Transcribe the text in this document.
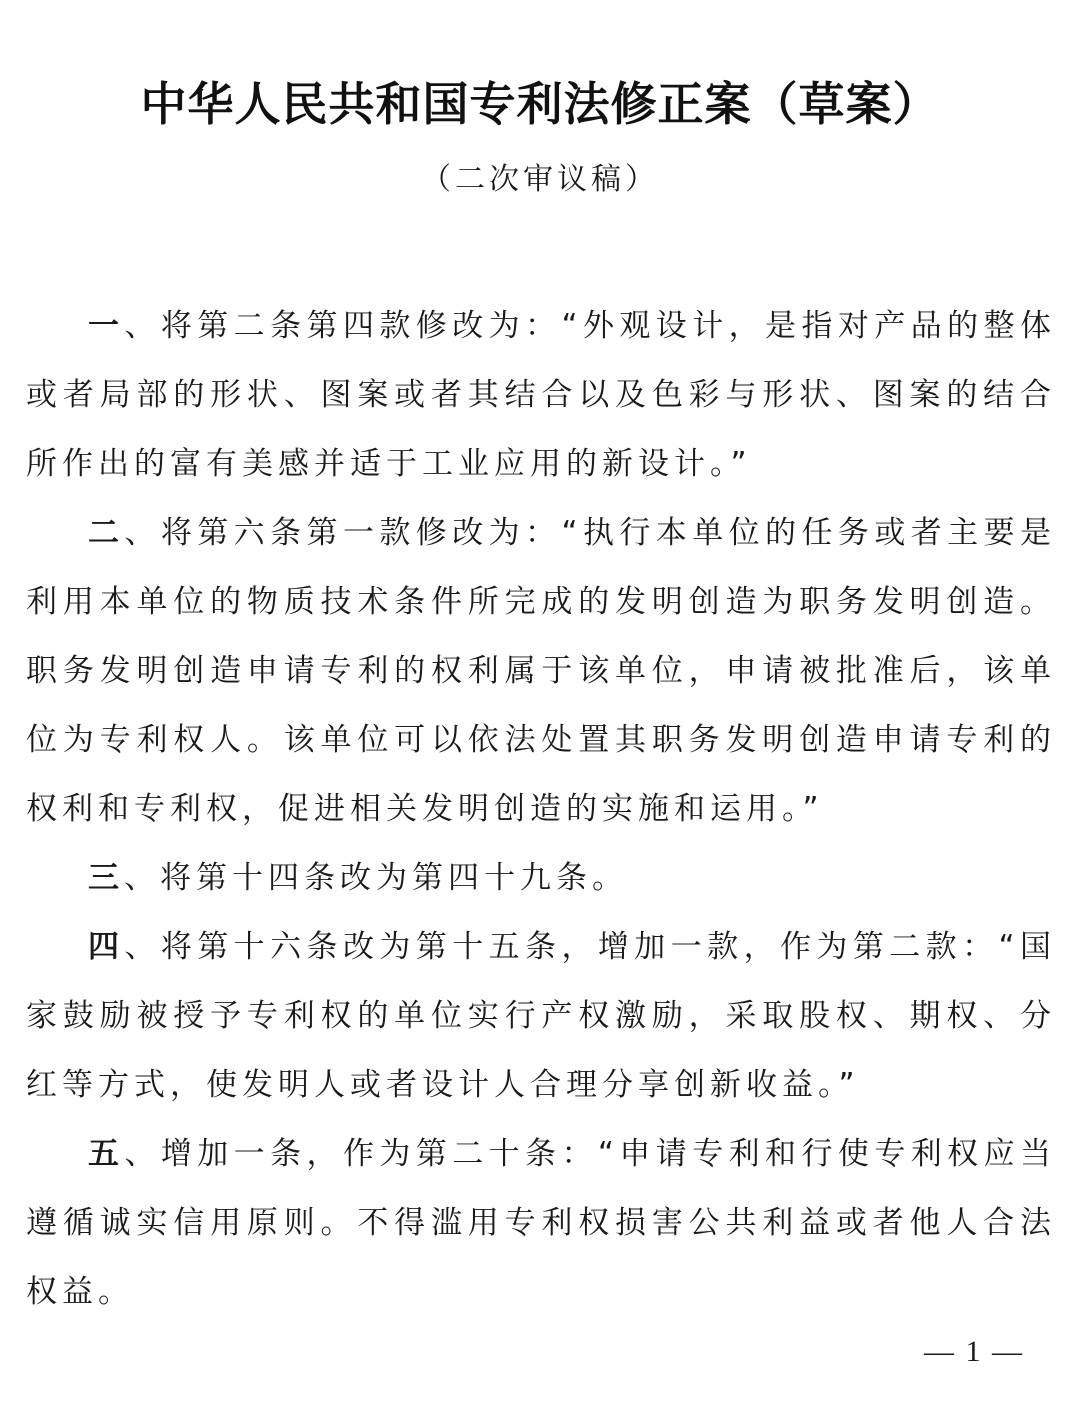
中华人民共和国专利法修正案（草案）
（二次审议稿）

一、将第二条第四款修改为：“外观设计，是指对产品的整体或者局部的形状、图案或者其结合以及色彩与形状、图案的结合所作出的富有美感并适于工业应用的新设计。”

二、将第六条第一款修改为：“执行本单位的任务或者主要是利用本单位的物质技术条件所完成的发明创造为职务发明创造。职务发明创造申请专利的权利属于该单位，申请被批准后，该单位为专利权人。该单位可以依法处置其职务发明创造申请专利的权利和专利权，促进相关发明创造的实施和运用。”

三、将第十四条改为第四十九条。

四、将第十六条改为第十五条，增加一款，作为第二款：“国家鼓励被授予专利权的单位实行产权激励，采取股权、期权、分红等方式，使发明人或者设计人合理分享创新收益。”

五、增加一条，作为第二十条：“申请专利和行使专利权应当遵循诚实信用原则。不得滥用专利权损害公共利益或者他人合法权益。

— 1 —
